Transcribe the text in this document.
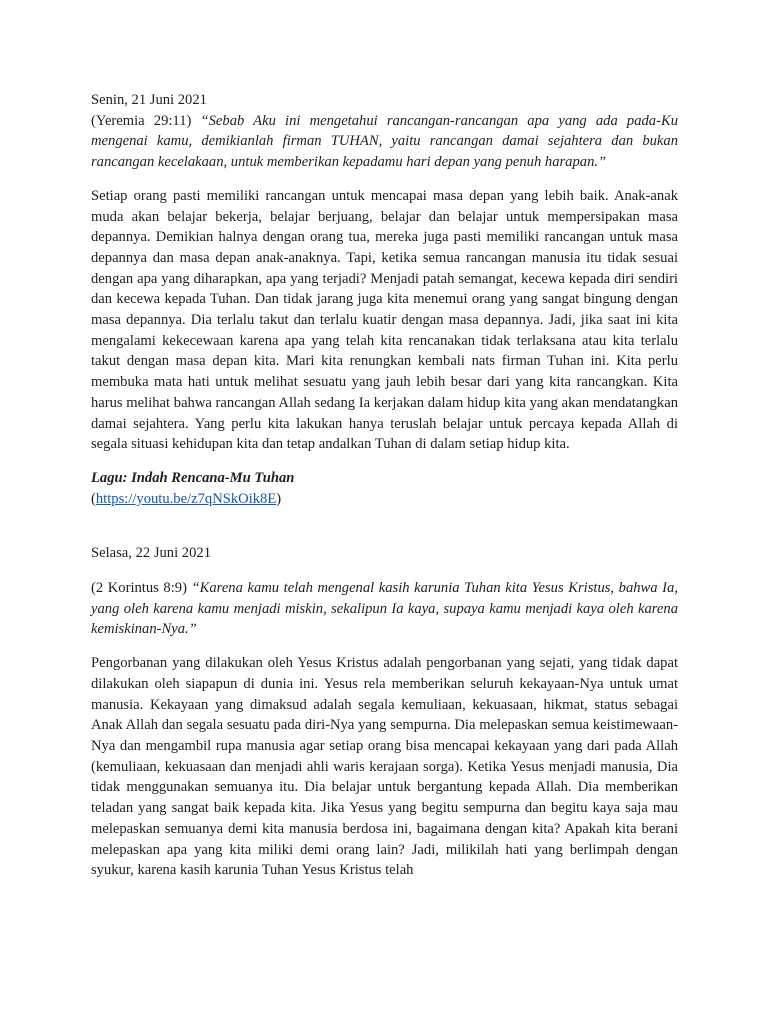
Senin, 21 Juni 2021

(Yeremia 29:11) “Sebab Aku ini mengetahui rancangan-rancangan apa yang ada pada-Ku mengenai kamu, demikianlah firman TUHAN, yaitu rancangan damai sejahtera dan bukan rancangan kecelakaan, untuk memberikan kepadamu hari depan yang penuh harapan.”

Setiap orang pasti memiliki rancangan untuk mencapai masa depan yang lebih baik. Anak-anak muda akan belajar bekerja, belajar berjuang, belajar dan belajar untuk mempersipakan masa depannya. Demikian halnya dengan orang tua, mereka juga pasti memiliki rancangan untuk masa depannya dan masa depan anak-anaknya. Tapi, ketika semua rancangan manusia itu tidak sesuai dengan apa yang diharapkan, apa yang terjadi? Menjadi patah semangat, kecewa kepada diri sendiri dan kecewa kepada Tuhan. Dan tidak jarang juga kita menemui orang yang sangat bingung dengan masa depannya. Dia terlalu takut dan terlalu kuatir dengan masa depannya. Jadi, jika saat ini kita mengalami kekecewaan karena apa yang telah kita rencanakan tidak terlaksana atau kita terlalu takut dengan masa depan kita. Mari kita renungkan kembali nats firman Tuhan ini. Kita perlu membuka mata hati untuk melihat sesuatu yang jauh lebih besar dari yang kita rancangkan. Kita harus melihat bahwa rancangan Allah sedang Ia kerjakan dalam hidup kita yang akan mendatangkan damai sejahtera. Yang perlu kita lakukan hanya teruslah belajar untuk percaya kepada Allah di segala situasi kehidupan kita dan tetap andalkan Tuhan di dalam setiap hidup kita.

Lagu: Indah Rencana-Mu Tuhan

(https://youtu.be/z7qNSkOik8E)

Selasa, 22 Juni 2021

(2 Korintus 8:9) “Karena kamu telah mengenal kasih karunia Tuhan kita Yesus Kristus, bahwa Ia, yang oleh karena kamu menjadi miskin, sekalipun Ia kaya, supaya kamu menjadi kaya oleh karena kemiskinan-Nya.”

Pengorbanan yang dilakukan oleh Yesus Kristus adalah pengorbanan yang sejati, yang tidak dapat dilakukan oleh siapapun di dunia ini. Yesus rela memberikan seluruh kekayaan-Nya untuk umat manusia. Kekayaan yang dimaksud adalah segala kemuliaan, kekuasaan, hikmat, status sebagai Anak Allah dan segala sesuatu pada diri-Nya yang sempurna. Dia melepaskan semua keistimewaan-Nya dan mengambil rupa manusia agar setiap orang bisa mencapai kekayaan yang dari pada Allah (kemuliaan, kekuasaan dan menjadi ahli waris kerajaan sorga). Ketika Yesus menjadi manusia, Dia tidak menggunakan semuanya itu. Dia belajar untuk bergantung kepada Allah. Dia memberikan teladan yang sangat baik kepada kita. Jika Yesus yang begitu sempurna dan begitu kaya saja mau melepaskan semuanya demi kita manusia berdosa ini, bagaimana dengan kita? Apakah kita berani melepaskan apa yang kita miliki demi orang lain? Jadi, milikilah hati yang berlimpah dengan syukur, karena kasih karunia Tuhan Yesus Kristus telah
